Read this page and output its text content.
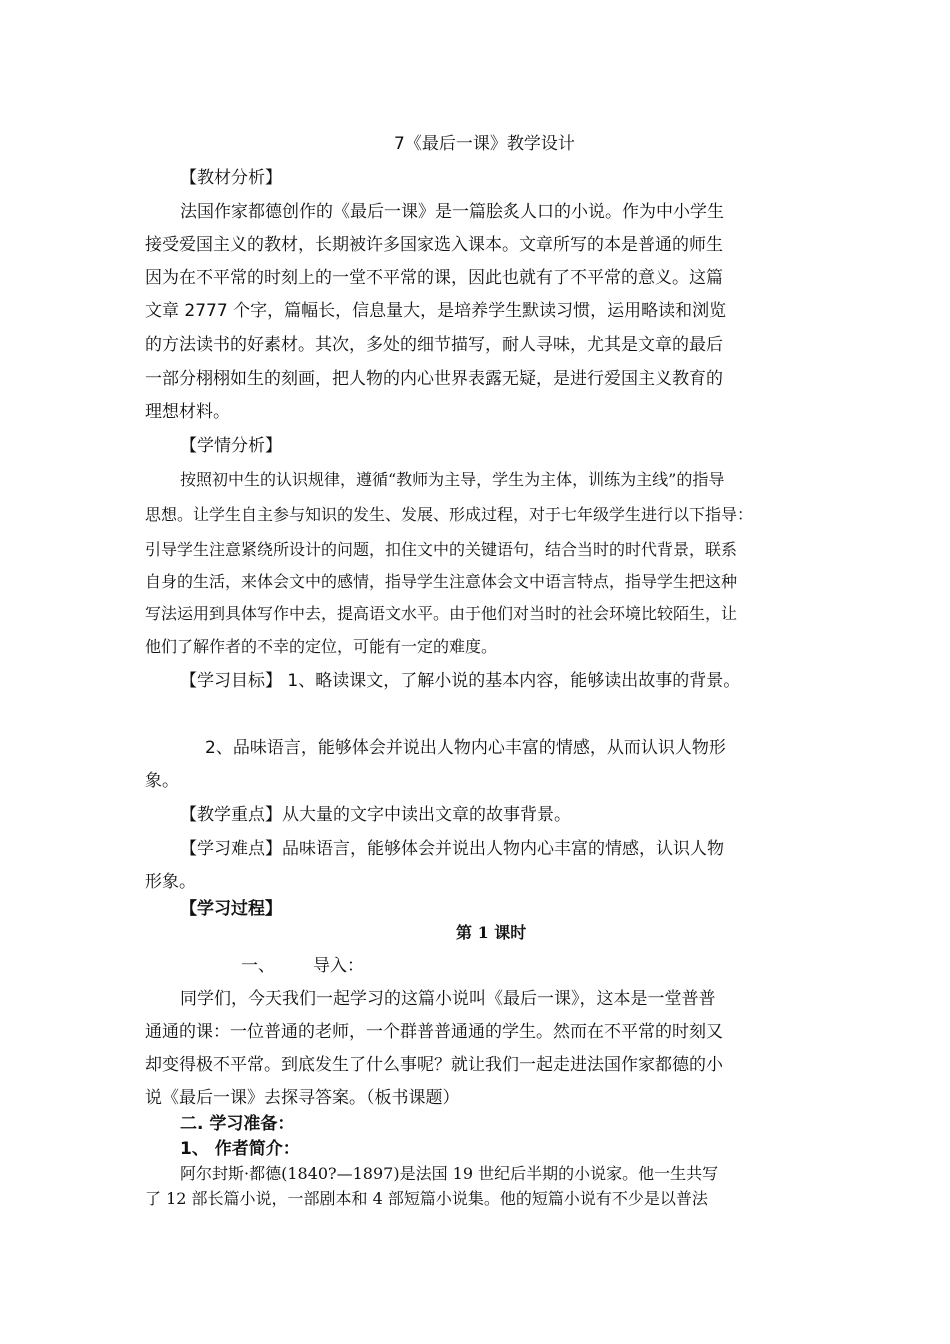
7《最后一课》教学设计

【教材分析】

法国作家都德创作的《最后一课》是一篇脍炙人口的小说。作为中小学生

接受爱国主义的教材，长期被许多国家选入课本。文章所写的本是普通的师生

因为在不平常的时刻上的一堂不平常的课，因此也就有了不平常的意义。这篇

文章 2777 个字，篇幅长，信息量大，是培养学生默读习惯，运用略读和浏览

的方法读书的好素材。其次，多处的细节描写，耐人寻味，尤其是文章的最后

一部分栩栩如生的刻画，把人物的内心世界表露无疑，是进行爱国主义教育的

理想材料。

【学情分析】

按照初中生的认识规律，遵循“教师为主导，学生为主体，训练为主线”的指导

思想。让学生自主参与知识的发生、发展、形成过程，对于七年级学生进行以下指导：

引导学生注意紧绕所设计的问题，扣住文中的关键语句，结合当时的时代背景，联系

自身的生活，来体会文中的感情，指导学生注意体会文中语言特点，指导学生把这种

写法运用到具体写作中去，提高语文水平。由于他们对当时的社会环境比较陌生，让

他们了解作者的不幸的定位，可能有一定的难度。

【学习目标】 1、略读课文，了解小说的基本内容，能够读出故事的背景。

2、品味语言，能够体会并说出人物内心丰富的情感，从而认识人物形

象。

【教学重点】从大量的文字中读出文章的故事背景。

【学习难点】品味语言，能够体会并说出人物内心丰富的情感，认识人物

形象。

【学习过程】

第 1 课时

一、 导入：

同学们，今天我们一起学习的这篇小说叫《最后一课》，这本是一堂普普

通通的课：一位普通的老师，一个群普普通通的学生。然而在不平常的时刻又

却变得极不平常。到底发生了什么事呢？就让我们一起走进法国作家都德的小

说《最后一课》去探寻答案。（板书课题）

二. 学习准备：

1、 作者简介：

阿尔封斯·都德(1840?—1897)是法国 19 世纪后半期的小说家。他一生共写

了 12 部长篇小说，一部剧本和 4 部短篇小说集。他的短篇小说有不少是以普法
